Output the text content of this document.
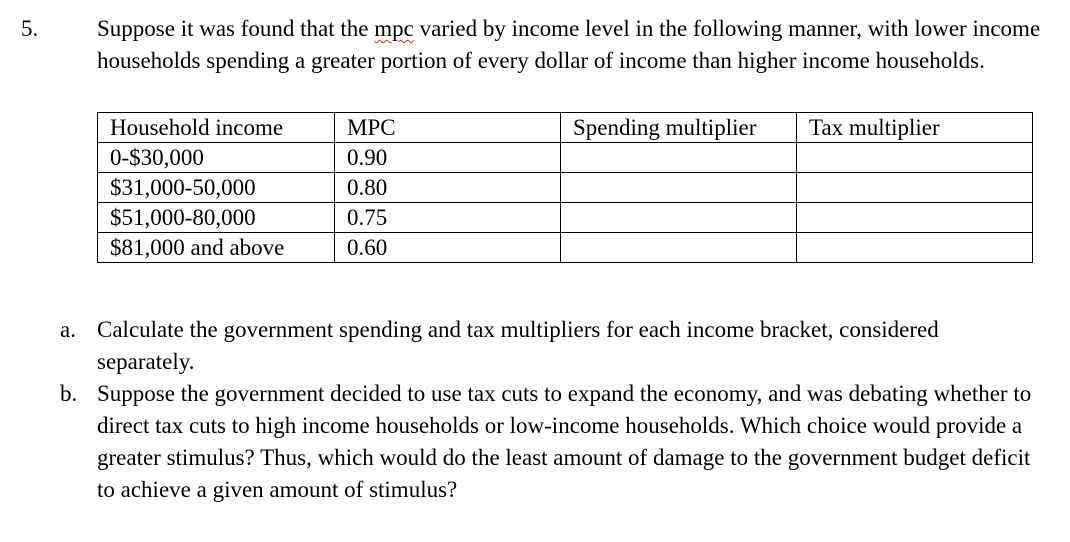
5.	Suppose it was found that the mpc varied by income level in the following manner, with lower income households spending a greater portion of every dollar of income than higher income households.

Household income	MPC	Spending multiplier	Tax multiplier
0-$30,000	0.90		
$31,000-50,000	0.80		
$51,000-80,000	0.75		
$81,000 and above	0.60		
a. Calculate the government spending and tax multipliers for each income bracket, considered separately.
b. Suppose the government decided to use tax cuts to expand the economy, and was debating whether to direct tax cuts to high income households or low-income households. Which choice would provide a greater stimulus? Thus, which would do the least amount of damage to the government budget deficit to achieve a given amount of stimulus?
